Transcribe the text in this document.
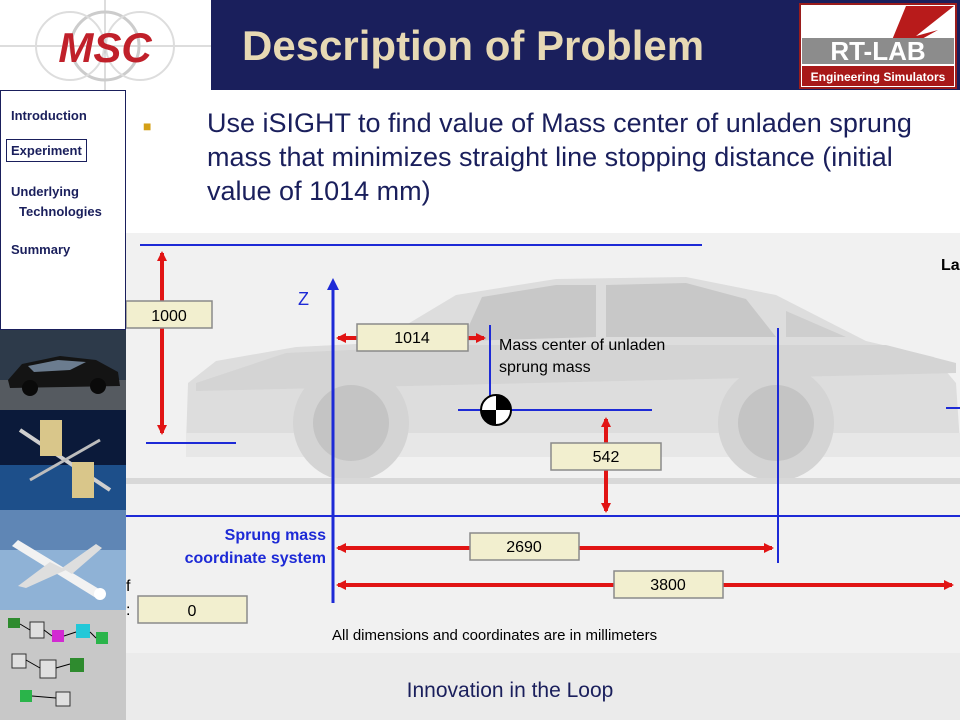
MSC Description of Problem	RT-LAB
Engineering Simulators
Introduction
Experiment
Underlying
Technologies
Summary
■ Use iSIGHT to find value of Mass center of unladen sprung mass that minimizes straight line stopping distance (initial value of 1014 mm)
Z
1000
1014
542
2690
3800
0
Mass center of unladen
sprung mass
Sprung mass
coordinate system
All dimensions and coordinates are in millimeters
La
f
:
Innovation in the Loop
